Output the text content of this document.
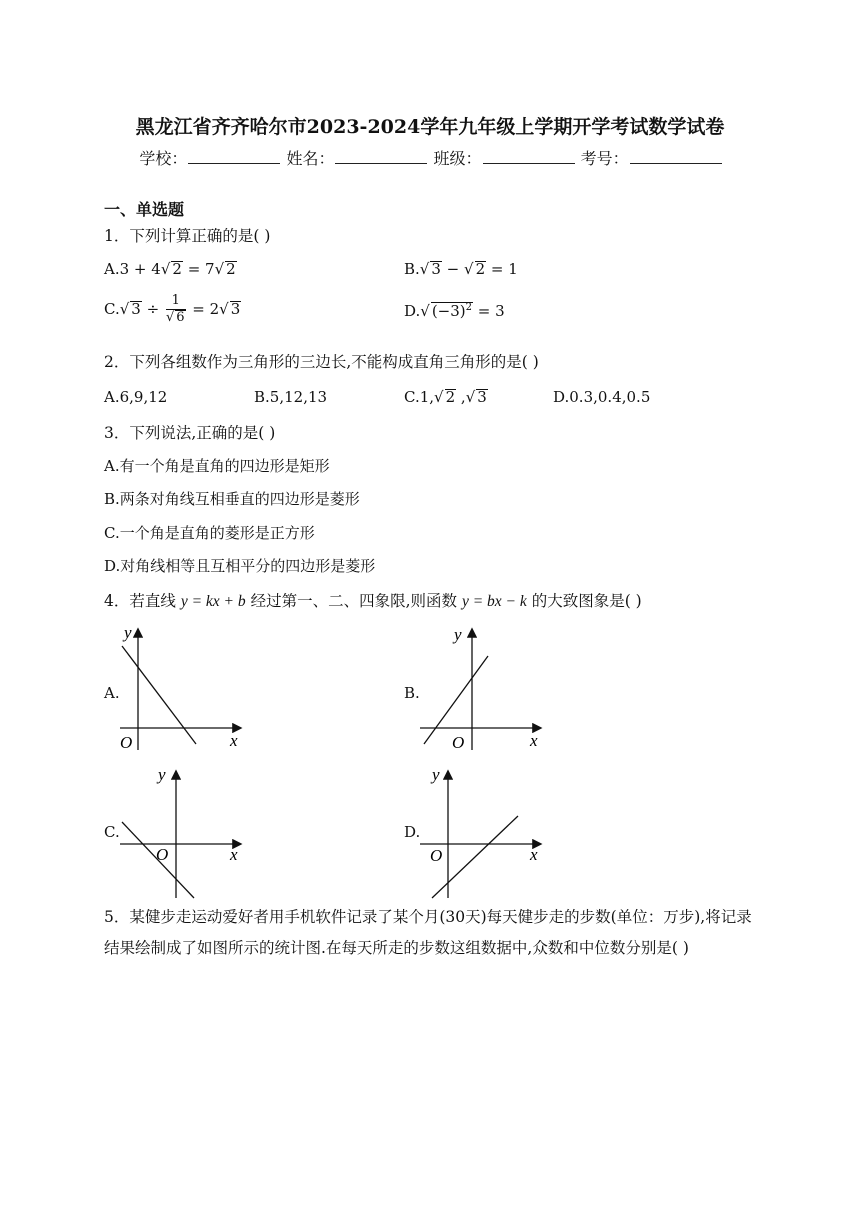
黑龙江省齐齐哈尔市2023-2024学年九年级上学期开学考试数学试卷
学校：	姓名：	班级：	考号：
一、单选题
1．下列计算正确的是( )
A.3 + 4√ 2 = 7√ 2	B.√ 3 − √ 2 = 1
C.√ $3 \div \frac{1}{√ 6} = 2√$ 3	D.√ $(-3)^2 = 3$
2．下列各组数作为三角形的三边长,不能构成直角三角形的是( )
A.6,9,12	B.5,12,13	C.1,√ 2 ,√ 3	D.0.3,0.4,0.5
3．下列说法,正确的是( )
A.有一个角是直角的四边形是矩形
B.两条对角线互相垂直的四边形是菱形
C.一个角是直角的菱形是正方形
D.对角线相等且互相平分的四边形是菱形
4．若直线 y = kx + b 经过第一、二、四象限,则函数 y = bx − k 的大致图象是( )
A.
y
x
O
B.
y
x
O
C.
y
x
O
D.
y
x
O
5．某健步走运动爱好者用手机软件记录了某个月(30天)每天健步走的步数(单位：万步),将记录结果绘制成了如图所示的统计图.在每天所走的步数这组数据中,众数和中位数分别是( )
